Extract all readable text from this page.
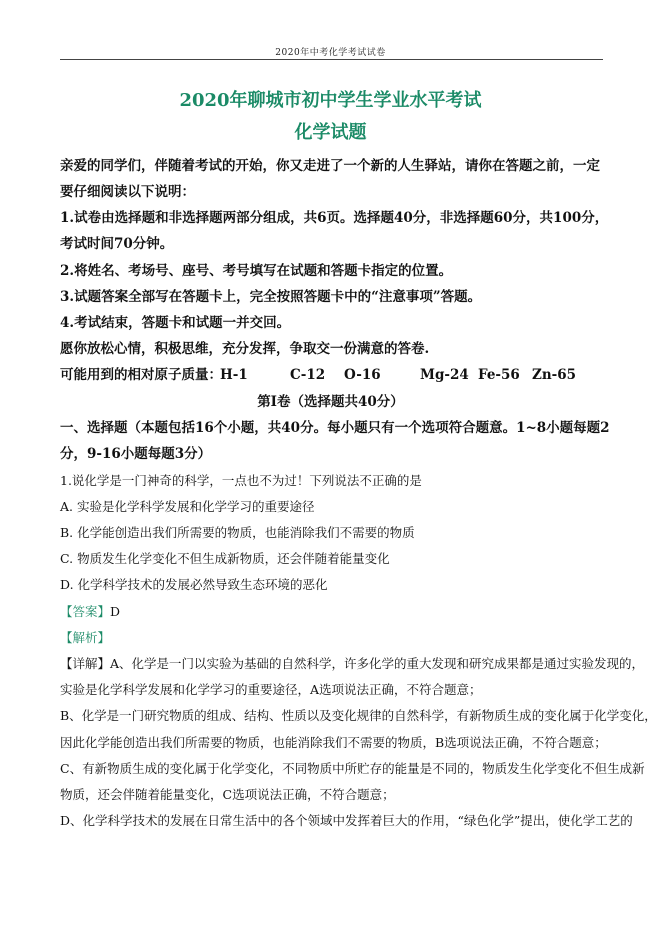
2020年中考化学考试试卷
2020年聊城市初中学生学业水平考试
化学试题
亲爱的同学们，伴随着考试的开始，你又走进了一个新的人生驿站，请你在答题之前，一定
要仔细阅读以下说明：
1.试卷由选择题和非选择题两部分组成，共6页。选择题40分，非选择题60分，共100分，
考试时间70分钟。
2.将姓名、考场号、座号、考号填写在试题和答题卡指定的位置。
3.试题答案全部写在答题卡上，完全按照答题卡中的“注意事项”答题。
4.考试结束，答题卡和试题一并交回。
愿你放松心情，积极思维，充分发挥，争取交一份满意的答卷.
可能用到的相对原子质量：
H-1	C-12 O-16	Mg-24 Fe-56 Zn-65
第Ⅰ卷（选择题共40分）
一、选择题（本题包括16个小题，共40分。每小题只有一个选项符合题意。1~8小题每题2
分，9-16小题每题3分）
1.说化学是一门神奇的科学，一点也不为过！下列说法不正确的是
A. 实验是化学科学发展和化学学习的重要途径
B. 化学能创造出我们所需要的物质，也能消除我们不需要的物质
C. 物质发生化学变化不但生成新物质，还会伴随着能量变化
D. 化学科学技术的发展必然导致生态环境的恶化
【答案】D
【解析】
【详解】A、化学是一门以实验为基础的自然科学，许多化学的重大发现和研究成果都是通过实验发现的，
实验是化学科学发展和化学学习的重要途径，A选项说法正确，不符合题意；
B、化学是一门研究物质的组成、结构、性质以及变化规律的自然科学，有新物质生成的变化属于化学变化，
因此化学能创造出我们所需要的物质，也能消除我们不需要的物质，B选项说法正确，不符合题意；
C、有新物质生成的变化属于化学变化，不同物质中所贮存的能量是不同的，物质发生化学变化不但生成新
物质，还会伴随着能量变化，C选项说法正确，不符合题意；
D、化学科学技术的发展在日常生活中的各个领域中发挥着巨大的作用，“绿色化学”提出，使化学工艺的
